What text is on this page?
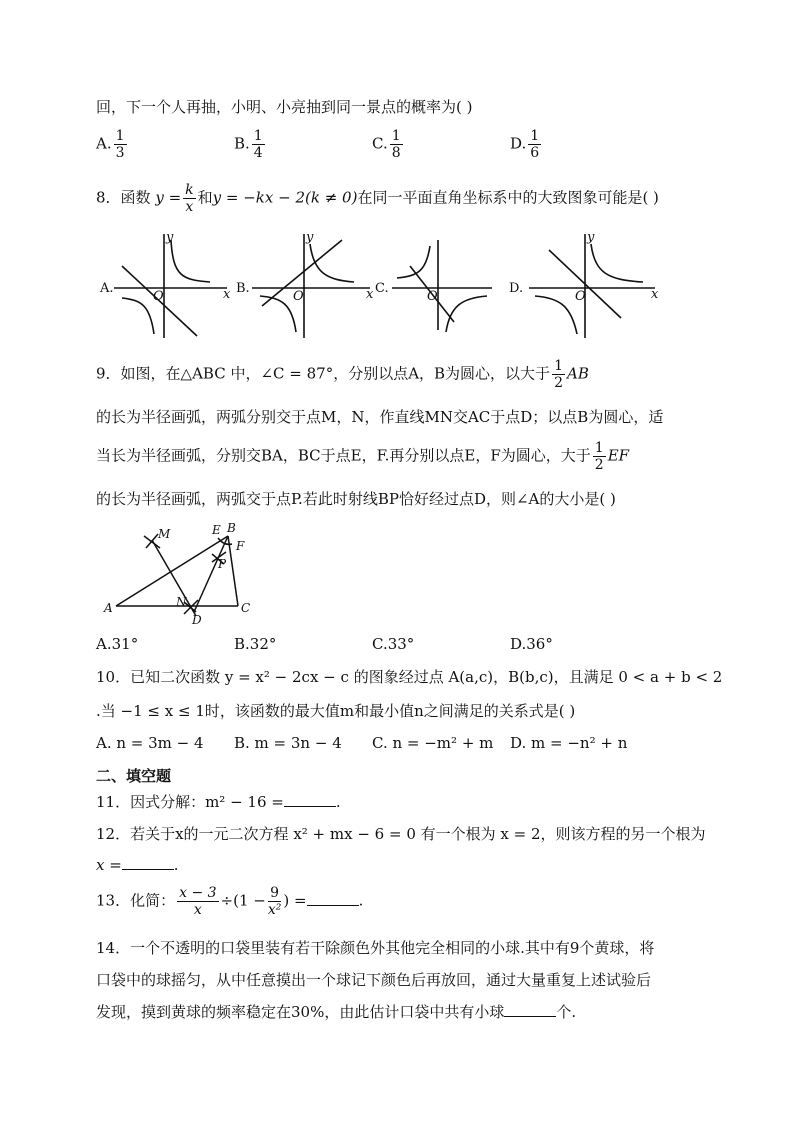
回，下一个人再抽，小明、小亮抽到同一景点的概率为( )
A. $\frac{1}{3}$	B. $\frac{1}{4}$	C. $\frac{1}{8}$	D. $\frac{1}{6}$
8．函数 $y = \frac{k}{x}$ 和y = −kx − 2(k ≠ 0)在同一平面直角坐标系中的大致图象可能是( )
A.
y
x
O
B.
y
x
O
C.
O
D.
y
x
O
9．如图，在△ABC 中，∠C = 87°，分别以点A，B为圆心，以大于 $\frac{1}{2}$ AB
的长为半径画弧，两弧分别交于点M，N，作直线MN交AC于点D；以点B为圆心，适
当长为半径画弧，分别交BA，BC于点E，F.再分别以点E，F为圆心，大于 $\frac{1}{2}$ EF
的长为半径画弧，两弧交于点P.若此时射线BP恰好经过点D，则∠A的大小是( )
M	E B
F
P
N
A
D
C
A.31°	B.32°	C.33°	D.36°
10．已知二次函数 y = x² − 2cx − c 的图象经过点 A(a,c)，B(b,c)，且满足 0 < a + b < 2
.当 −1 ≤ x ≤ 1时，该函数的最大值m和最小值n之间满足的关系式是( )
A. n = 3m − 4 B. m = 3n − 4 C. n = −m² + m D. m = −n² + n
二、填空题
11．因式分解：m² − 16 =	.
12．若关于x的一元二次方程 x² + mx − 6 = 0 有一个根为 x = 2，则该方程的另一个根为
x =	.
13．化简： $\frac{x - 3}{x} \div(1 - \frac{9}{\text{x²}}$ ) =	.
14．一个不透明的口袋里装有若干除颜色外其他完全相同的小球.其中有9个黄球，将
口袋中的球摇匀，从中任意摸出一个球记下颜色后再放回，通过大量重复上述试验后
发现，摸到黄球的频率稳定在30%，由此估计口袋中共有小球	个.
